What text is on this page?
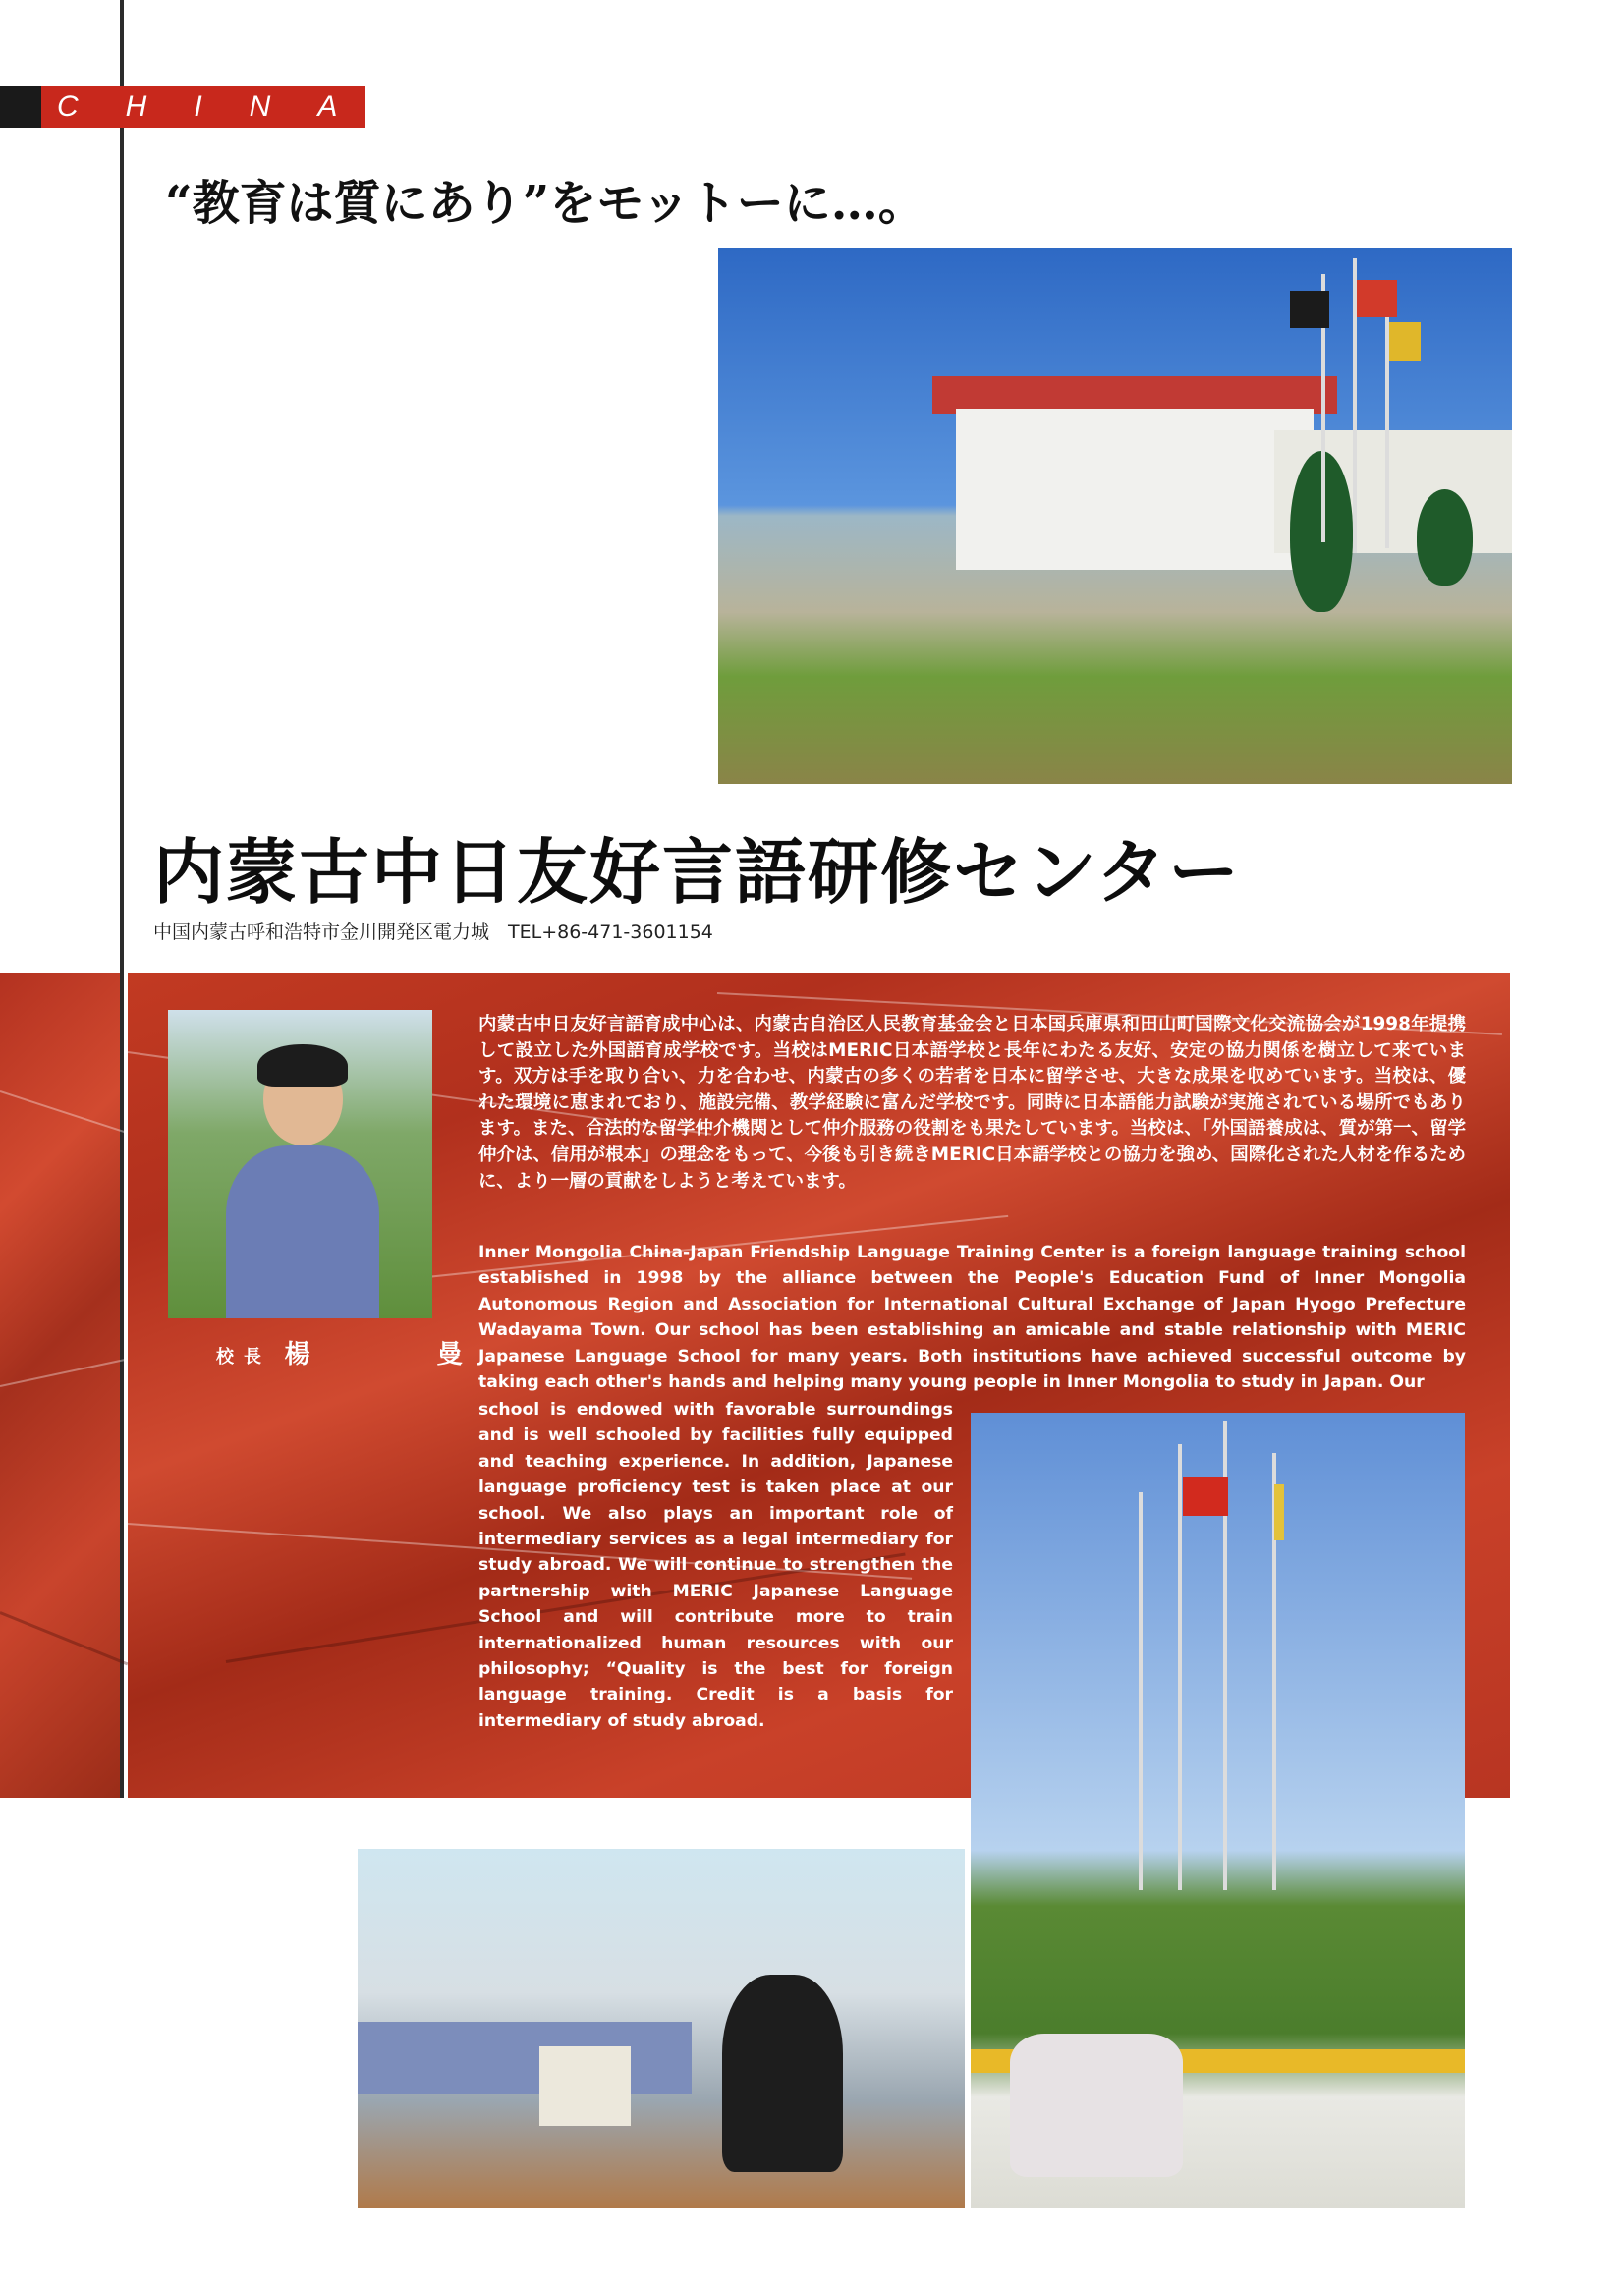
CHINA
“教育は質にあり”をモットーに…。
内蒙古中日友好言語研修センター
中国内蒙古呼和浩特市金川開発区電力城　TEL+86-471-3601154
校長 楊 曼
内蒙古中日友好言語育成中心は、内蒙古自治区人民教育基金会と日本国兵庫県和田山町国際文化交流協会が1998年提携して設立した外国語育成学校です。当校はMERIC日本語学校と長年にわたる友好、安定の協力関係を樹立して来ています。双方は手を取り合い、力を合わせ、内蒙古の多くの若者を日本に留学させ、大きな成果を収めています。当校は、優れた環境に恵まれており、施設完備、教学経験に富んだ学校です。同時に日本語能力試験が実施されている場所でもあります。また、合法的な留学仲介機関として仲介服務の役割をも果たしています。当校は、「外国語養成は、質が第一、留学仲介は、信用が根本」の理念をもって、今後も引き続きMERIC日本語学校との協力を強め、国際化された人材を作るために、より一層の貢献をしようと考えています。
Inner Mongolia China-Japan Friendship Language Training Center is a foreign language training school established in 1998 by the alliance between the People's Education Fund of Inner Mongolia Autonomous Region and Association for International Cultural Exchange of Japan Hyogo Prefecture Wadayama Town. Our school has been establishing an amicable and stable relationship with MERIC Japanese Language School for many years. Both institutions have achieved successful outcome by taking each other's hands and helping many young people in Inner Mongolia to study in Japan. Our
school is endowed with favorable surroundings and is well schooled by facilities fully equipped and teaching experience. In addition, Japanese language proficiency test is taken place at our school. We also plays an important role of intermediary services as a legal intermediary for study abroad. We will continue to strengthen the partnership with MERIC Japanese Language School and will contribute more to train internationalized human resources with our philosophy; “Quality is the best for foreign language training. Credit is a basis for intermediary of study abroad.
